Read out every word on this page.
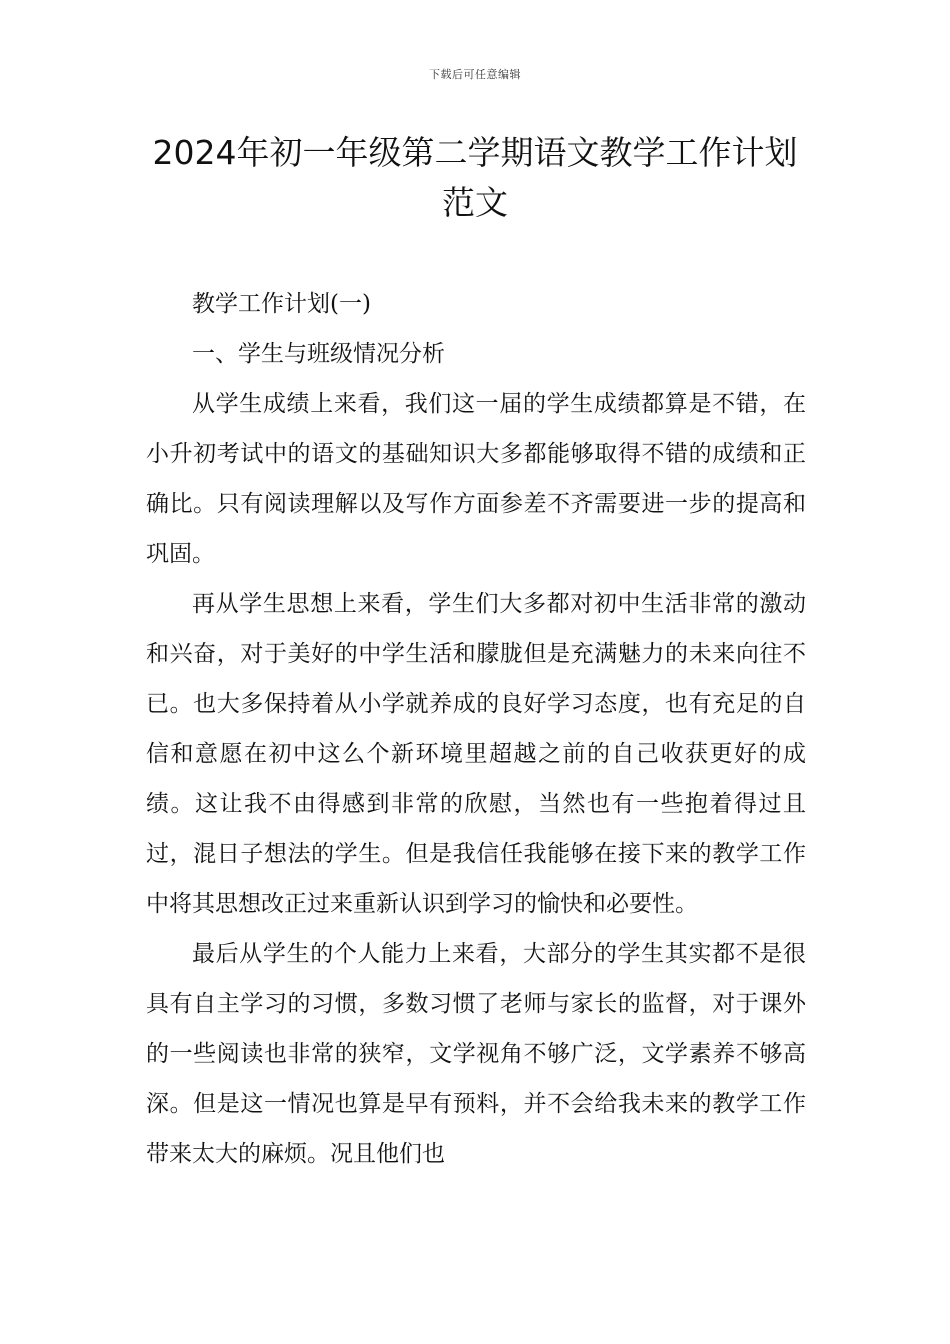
下载后可任意编辑
2024年初一年级第二学期语文教学工作计划范文

教学工作计划(一)

一、学生与班级情况分析

从学生成绩上来看，我们这一届的学生成绩都算是不错，在小升初考试中的语文的基础知识大多都能够取得不错的成绩和正确比。只有阅读理解以及写作方面参差不齐需要进一步的提高和巩固。

再从学生思想上来看，学生们大多都对初中生活非常的激动和兴奋，对于美好的中学生活和朦胧但是充满魅力的未来向往不已。也大多保持着从小学就养成的良好学习态度，也有充足的自信和意愿在初中这么个新环境里超越之前的自己收获更好的成绩。这让我不由得感到非常的欣慰，当然也有一些抱着得过且过，混日子想法的学生。但是我信任我能够在接下来的教学工作中将其思想改正过来重新认识到学习的愉快和必要性。

最后从学生的个人能力上来看，大部分的学生其实都不是很具有自主学习的习惯，多数习惯了老师与家长的监督，对于课外的一些阅读也非常的狭窄，文学视角不够广泛，文学素养不够高深。但是这一情况也算是早有预料，并不会给我未来的教学工作带来太大的麻烦。况且他们也
